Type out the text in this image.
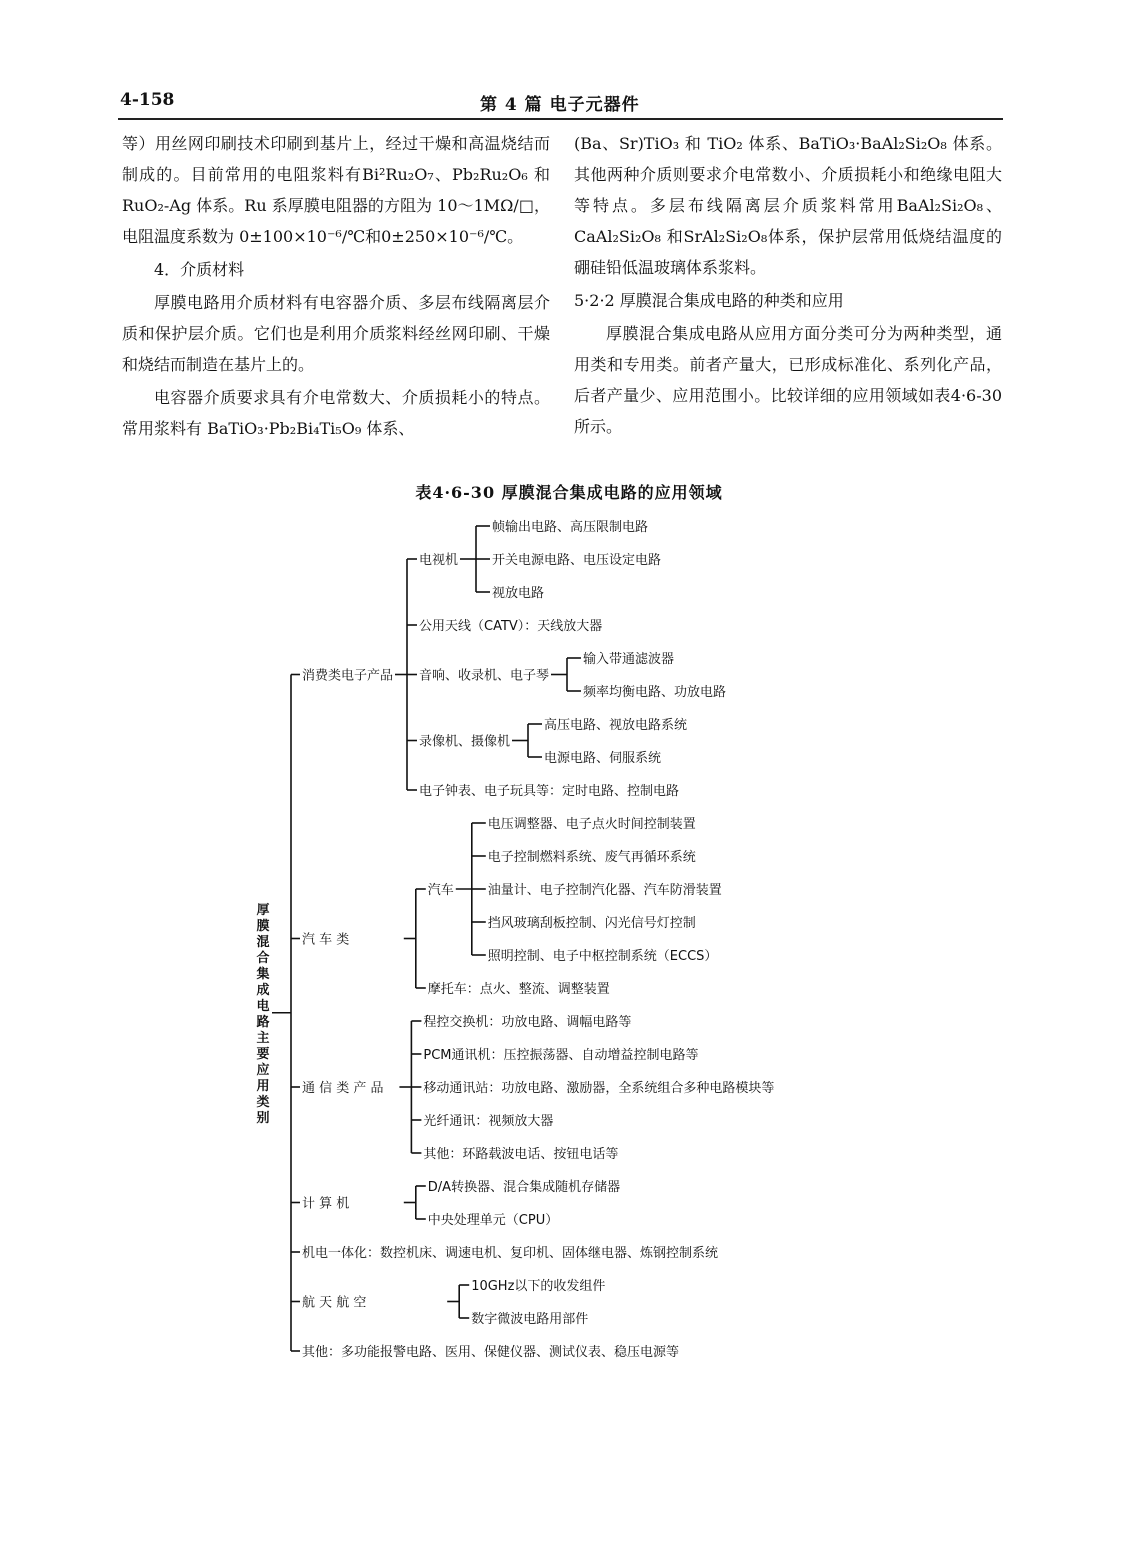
4-158	第 4 篇 电子元器件

等）用丝网印刷技术印刷到基片上，经过干燥和高温烧结而制成的。目前常用的电阻浆料有Bi²Ru₂O₇、Pb₂Ru₂O₆ 和 RuO₂-Ag 体系。Ru 系厚膜电阻器的方阻为 10～1MΩ/□，电阻温度系数为 0±100×10⁻⁶/℃和0±250×10⁻⁶/℃。

4．介质材料

厚膜电路用介质材料有电容器介质、多层布线隔离层介质和保护层介质。它们也是利用介质浆料经丝网印刷、干燥和烧结而制造在基片上的。

电容器介质要求具有介电常数大、介质损耗小的特点。常用浆料有 BaTiO₃·Pb₂Bi₄Ti₅O₉ 体系、

(Ba、Sr)TiO₃ 和 TiO₂ 体系、BaTiO₃·BaAl₂Si₂O₈ 体系。其他两种介质则要求介电常数小、介质损耗小和绝缘电阻大等特点。多层布线隔离层介质浆料常用BaAl₂Si₂O₈、CaAl₂Si₂O₈ 和SrAl₂Si₂O₈体系，保护层常用低烧结温度的硼硅铅低温玻璃体系浆料。

5·2·2 厚膜混合集成电路的种类和应用

厚膜混合集成电路从应用方面分类可分为两种类型，通用类和专用类。前者产量大，已形成标准化、系列化产品，后者产量少、应用范围小。比较详细的应用领域如表4·6-30所示。

表4·6-30 厚膜混合集成电路的应用领域
电视机
帧输出电路、高压限制电路
开关电源电路、电压设定电路
视放电路
公用天线（CATV）：天线放大器
音响、收录机、电子琴
输入带通滤波器
频率均衡电路、功放电路
录像机、摄像机
高压电路、视放电路系统
电源电路、伺服系统
电子钟表、电子玩具等：定时电路、控制电路
消费类电子产品
汽车
电压调整器、电子点火时间控制装置
电子控制燃料系统、废气再循环系统
油量计、电子控制汽化器、汽车防滑装置
挡风玻璃刮板控制、闪光信号灯控制
照明控制、电子中枢控制系统（ECCS）
摩托车：点火、整流、调整装置
汽 车 类
程控交换机：功放电路、调幅电路等
PCM通讯机：压控振荡器、自动增益控制电路等
移动通讯站：功放电路、激励器，全系统组合多种电路模块等
光纤通讯：视频放大器
其他：环路载波电话、按钮电话等
通 信 类 产 品
D/A转换器、混合集成随机存储器
中央处理单元（CPU）
计 算 机
机电一体化：数控机床、调速电机、复印机、固体继电器、炼钢控制系统
10GHz以下的收发组件
数字微波电路用部件
航 天 航 空
其他：多功能报警电路、医用、保健仪器、测试仪表、稳压电源等
厚膜混合集成电路主要应用类别
